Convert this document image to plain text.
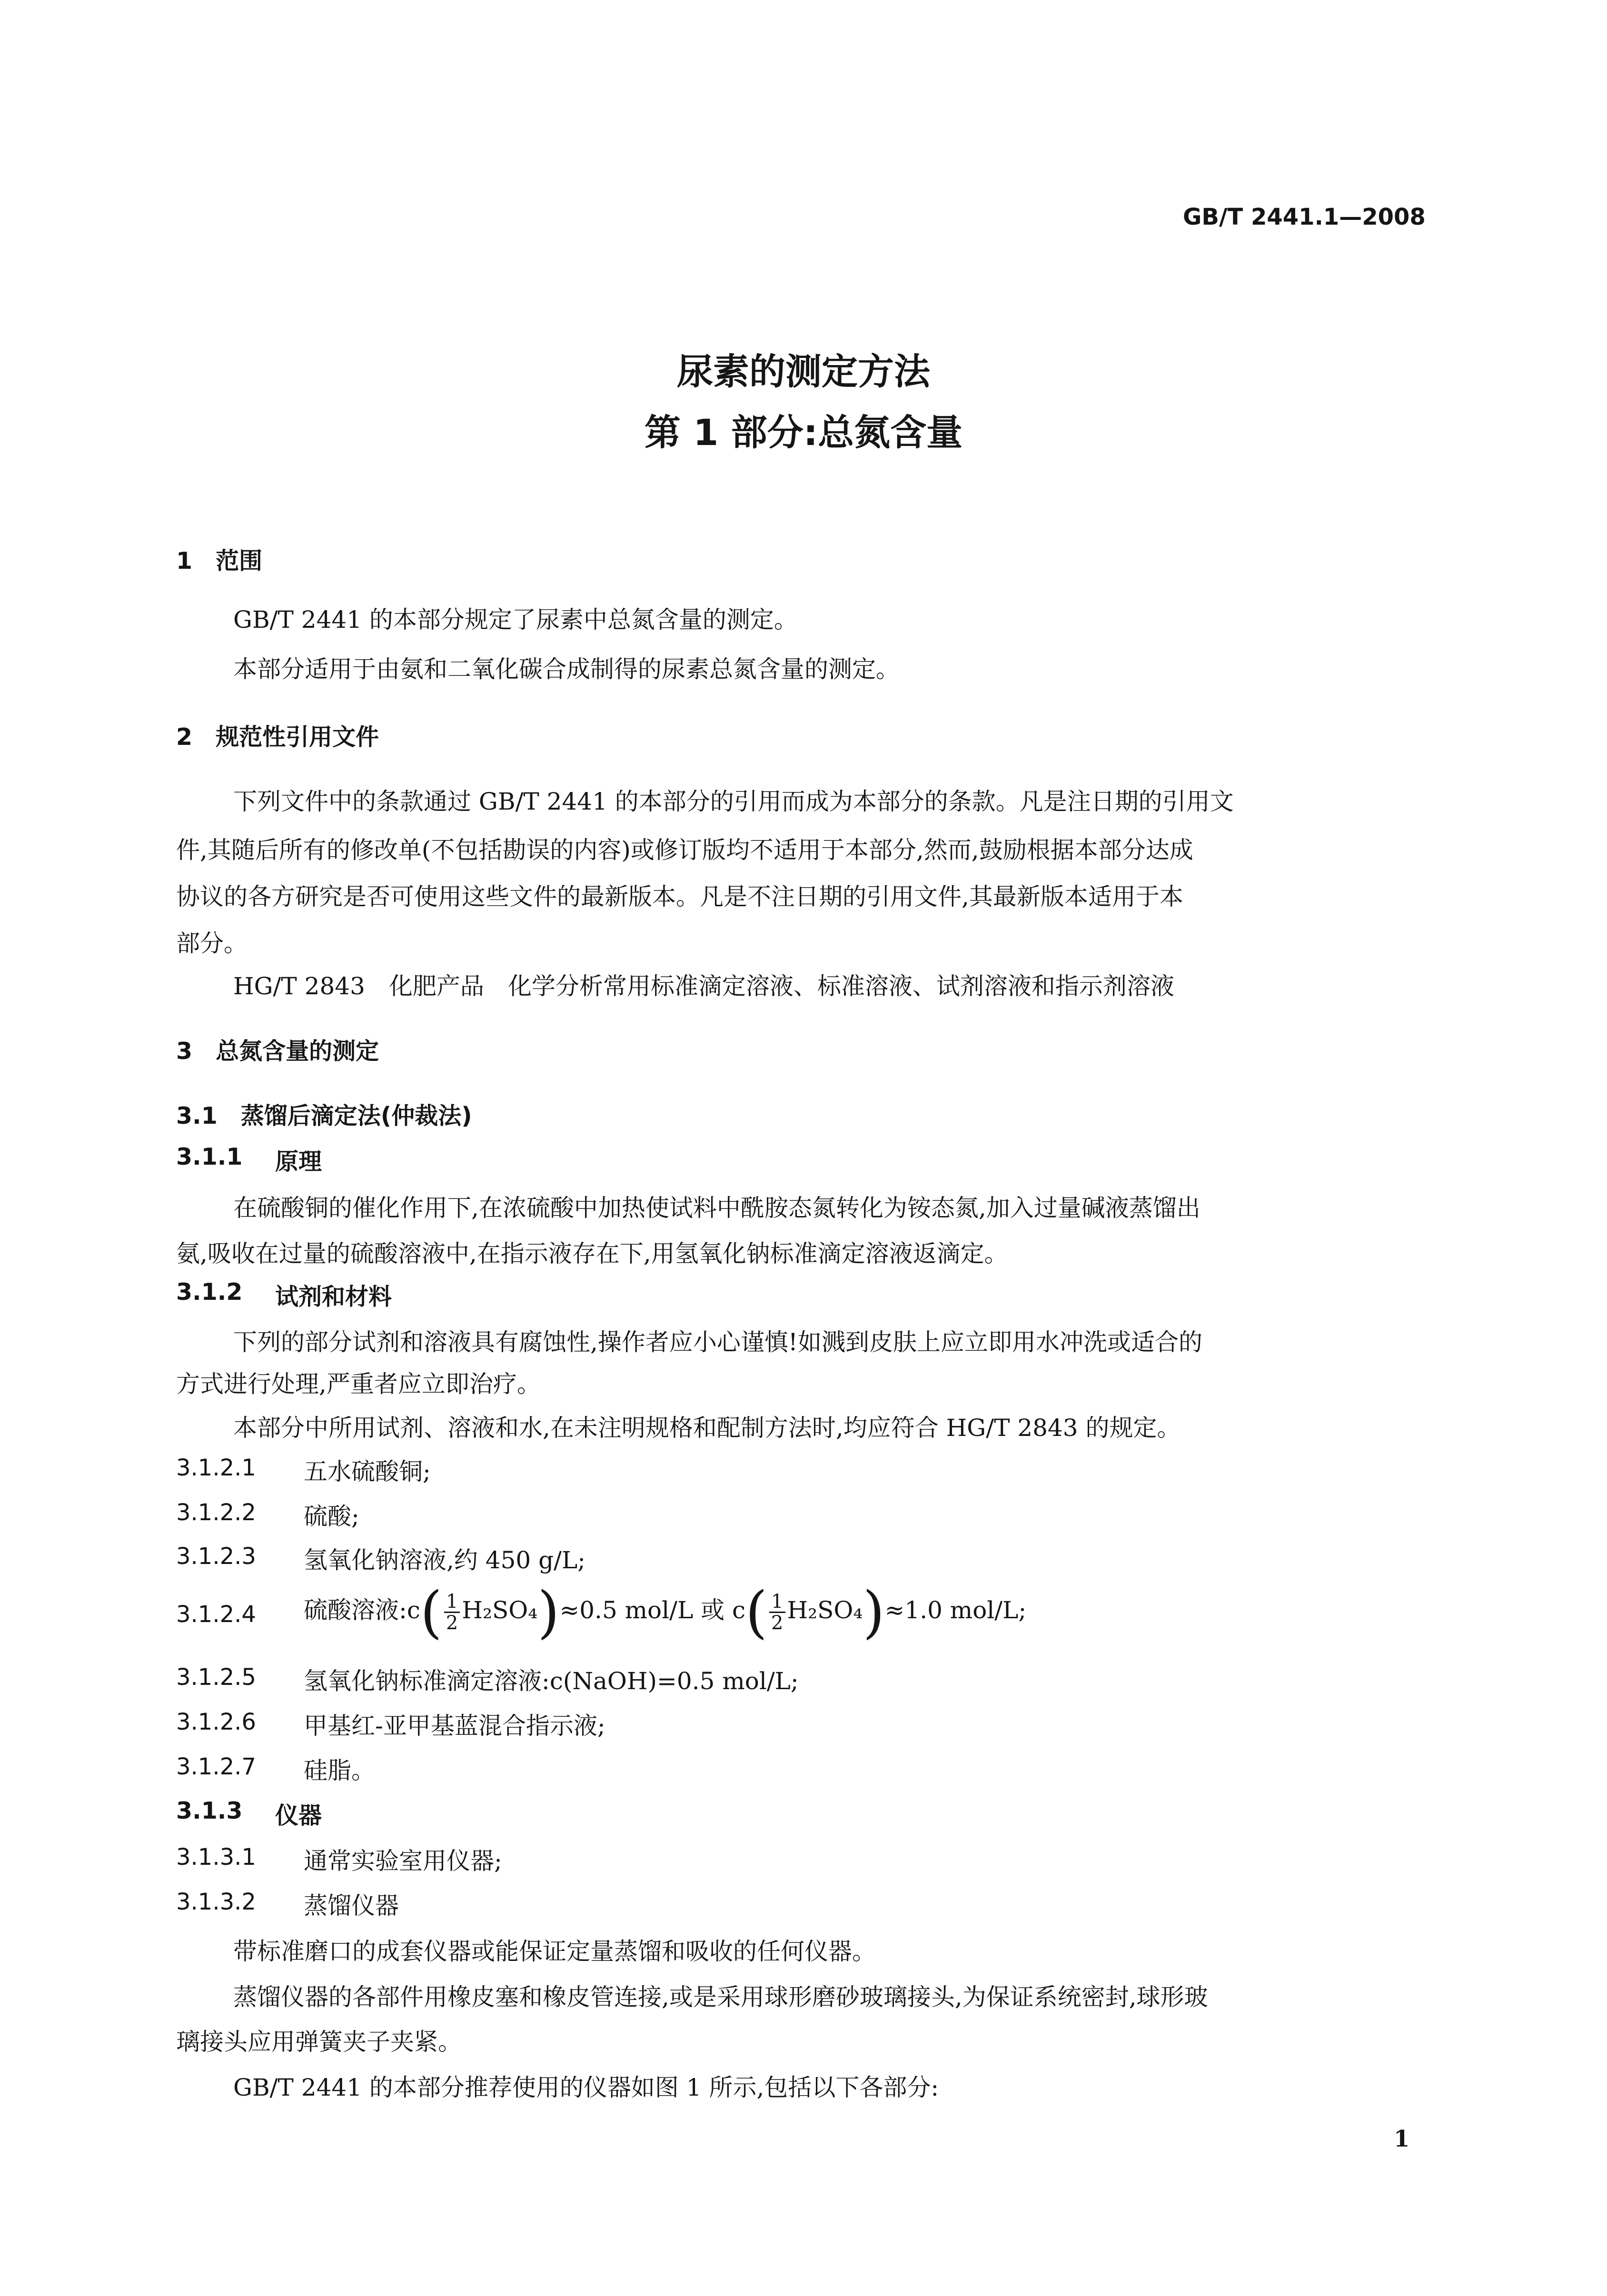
GB/T 2441.1—2008
尿素的测定方法
第 1 部分:总氮含量
1　范围
GB/T 2441 的本部分规定了尿素中总氮含量的测定。
本部分适用于由氨和二氧化碳合成制得的尿素总氮含量的测定。
2　规范性引用文件
下列文件中的条款通过 GB/T 2441 的本部分的引用而成为本部分的条款。凡是注日期的引用文
件,其随后所有的修改单(不包括勘误的内容)或修订版均不适用于本部分,然而,鼓励根据本部分达成
协议的各方研究是否可使用这些文件的最新版本。凡是不注日期的引用文件,其最新版本适用于本
部分。
HG/T 2843　化肥产品　化学分析常用标准滴定溶液、标准溶液、试剂溶液和指示剂溶液
3　总氮含量的测定
3.1　蒸馏后滴定法(仲裁法)
3.1.1 原理
在硫酸铜的催化作用下,在浓硫酸中加热使试料中酰胺态氮转化为铵态氮,加入过量碱液蒸馏出
氨,吸收在过量的硫酸溶液中,在指示液存在下,用氢氧化钠标准滴定溶液返滴定。
3.1.2 试剂和材料
下列的部分试剂和溶液具有腐蚀性,操作者应小心谨慎!如溅到皮肤上应立即用水冲洗或适合的
方式进行处理,严重者应立即治疗。
本部分中所用试剂、溶液和水,在未注明规格和配制方法时,均应符合 HG/T 2843 的规定。
3.1.2.1 五水硫酸铜;
3.1.2.2 硫酸;
3.1.2.3 氢氧化钠溶液,约 450 g/L;
3.1.2.4 硫酸溶液:c( $\frac{1}{2} H_2SO_4)\approx 0.5$ mol/L 或 $c( \frac{1}{2} H_2SO_4)\approx 1.0$ mol/L;
3.1.2.5 氢氧化钠标准滴定溶液:c(NaOH)=0.5 mol/L;
3.1.2.6 甲基红-亚甲基蓝混合指示液;
3.1.2.7 硅脂。
3.1.3 仪器
3.1.3.1 通常实验室用仪器;
3.1.3.2 蒸馏仪器
带标准磨口的成套仪器或能保证定量蒸馏和吸收的任何仪器。
蒸馏仪器的各部件用橡皮塞和橡皮管连接,或是采用球形磨砂玻璃接头,为保证系统密封,球形玻
璃接头应用弹簧夹子夹紧。
GB/T 2441 的本部分推荐使用的仪器如图 1 所示,包括以下各部分:
1
